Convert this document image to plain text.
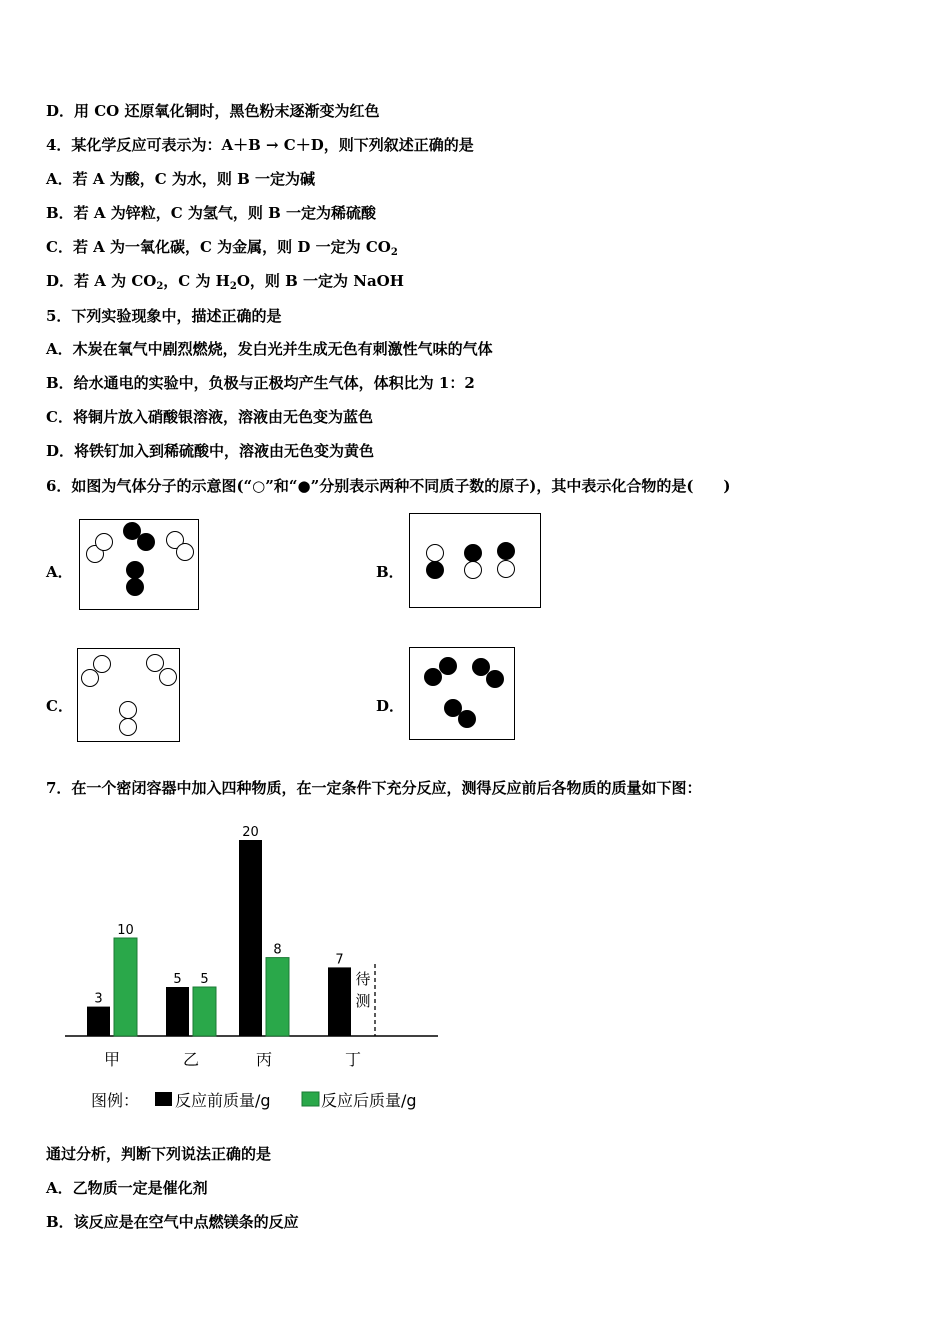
D．用 CO 还原氧化铜时，黑色粉末逐渐变为红色
4．某化学反应可表示为：A＋B → C＋D，则下列叙述正确的是
A．若 A 为酸，C 为水，则 B 一定为碱
B．若 A 为锌粒，C 为氢气，则 B 一定为稀硫酸
C．若 A 为一氧化碳，C 为金属，则 D 一定为 $CO_2$
D．若 A 为 $CO_2$，C 为 $H_2O$，则 B 一定为 NaOH
5．下列实验现象中，描述正确的是
A．木炭在氧气中剧烈燃烧，发白光并生成无色有刺激性气味的气体
B．给水通电的实验中，负极与正极均产生气体，体积比为 1：2
C．将铜片放入硝酸银溶液，溶液由无色变为蓝色
D．将铁钉加入到稀硫酸中，溶液由无色变为黄色
6．如图为气体分子的示意图(“○”和“●”分别表示两种不同质子数的原子)，其中表示化合物的是(　　)
A．	B．
C．	D．
7．在一个密闭容器中加入四种物质，在一定条件下充分反应，测得反应前后各物质的质量如下图：
3
10
甲
5 5
乙
20
8
丙
7
待
测
丁
图例： 反应前质量/g	反应后质量/g
通过分析，判断下列说法正确的是
A．乙物质一定是催化剂
B．该反应是在空气中点燃镁条的反应
